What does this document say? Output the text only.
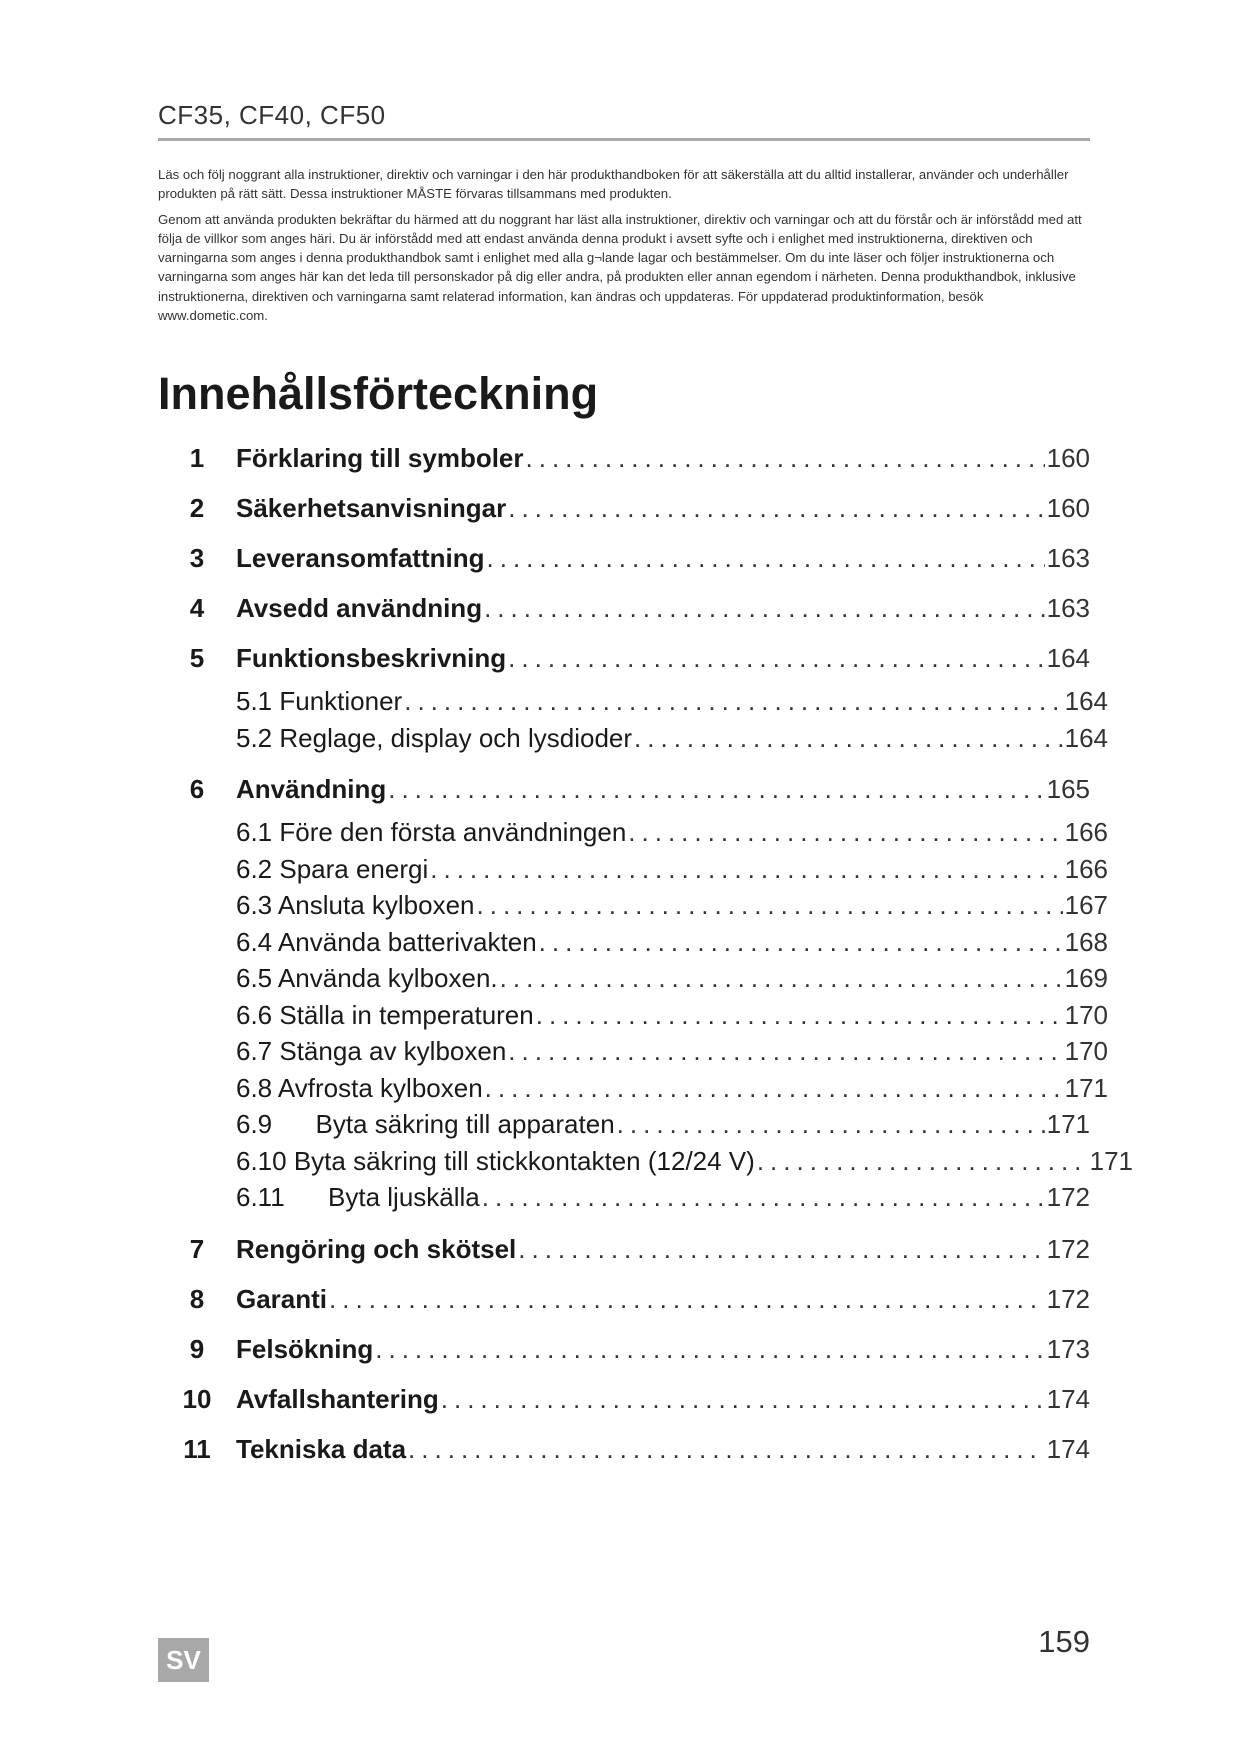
CF35, CF40, CF50

Läs och följ noggrant alla instruktioner, direktiv och varningar i den här produkthandboken för att säkerställa att du alltid installerar, använder och underhåller produkten på rätt sätt. Dessa instruktioner MÅSTE förvaras tillsammans med produkten.

Genom att använda produkten bekräftar du härmed att du noggrant har läst alla instruktioner, direktiv och varningar och att du förstår och är införstådd med att följa de villkor som anges häri. Du är införstådd med att endast använda denna produkt i avsett syfte och i enlighet med instruktionerna, direktiven och varningarna som anges i denna produkthandbok samt i enlighet med alla g¬lande lagar och bestämmelser. Om du inte läser och följer instruktionerna och varningarna som anges här kan det leda till personskador på dig eller andra, på produkten eller annan egendom i närheten. Denna produkthandbok, inklusive instruktionerna, direktiven och varningarna samt relaterad information, kan ändras och uppdateras. För uppdaterad produktinformation, besök www.dometic.com.

Innehållsförteckning
1	Förklaring till symboler .....	160
2	Säkerhetsanvisningar .....	160
3	Leveransomfattning .....	163
4	Avsedd användning .....	163
5	Funktionsbeskrivning .....	164
5.1 Funktioner .....	164
5.2 Reglage, display och lysdioder .....	164
6	Användning .....	165
6.1 Före den första användningen .....	166
6.2 Spara energi .....	166
6.3 Ansluta kylboxen .....	167
6.4 Använda batterivakten .....	168
6.5 Använda kylboxen. .....	169
6.6 Ställa in temperaturen .....	170
6.7 Stänga av kylboxen .....	170
6.8 Avfrosta kylboxen .....	171
6.9      Byta säkring till apparaten .....	171
6.10 Byta säkring till stickkontakten (12/24 V) .....	171
6.11      Byta ljuskälla .....	172
7	Rengöring och skötsel .....	172
8	Garanti .....	172
9	Felsökning .....	173
10 Avfallshantering .....	174
11 Tekniska data .....	174
SV
159
